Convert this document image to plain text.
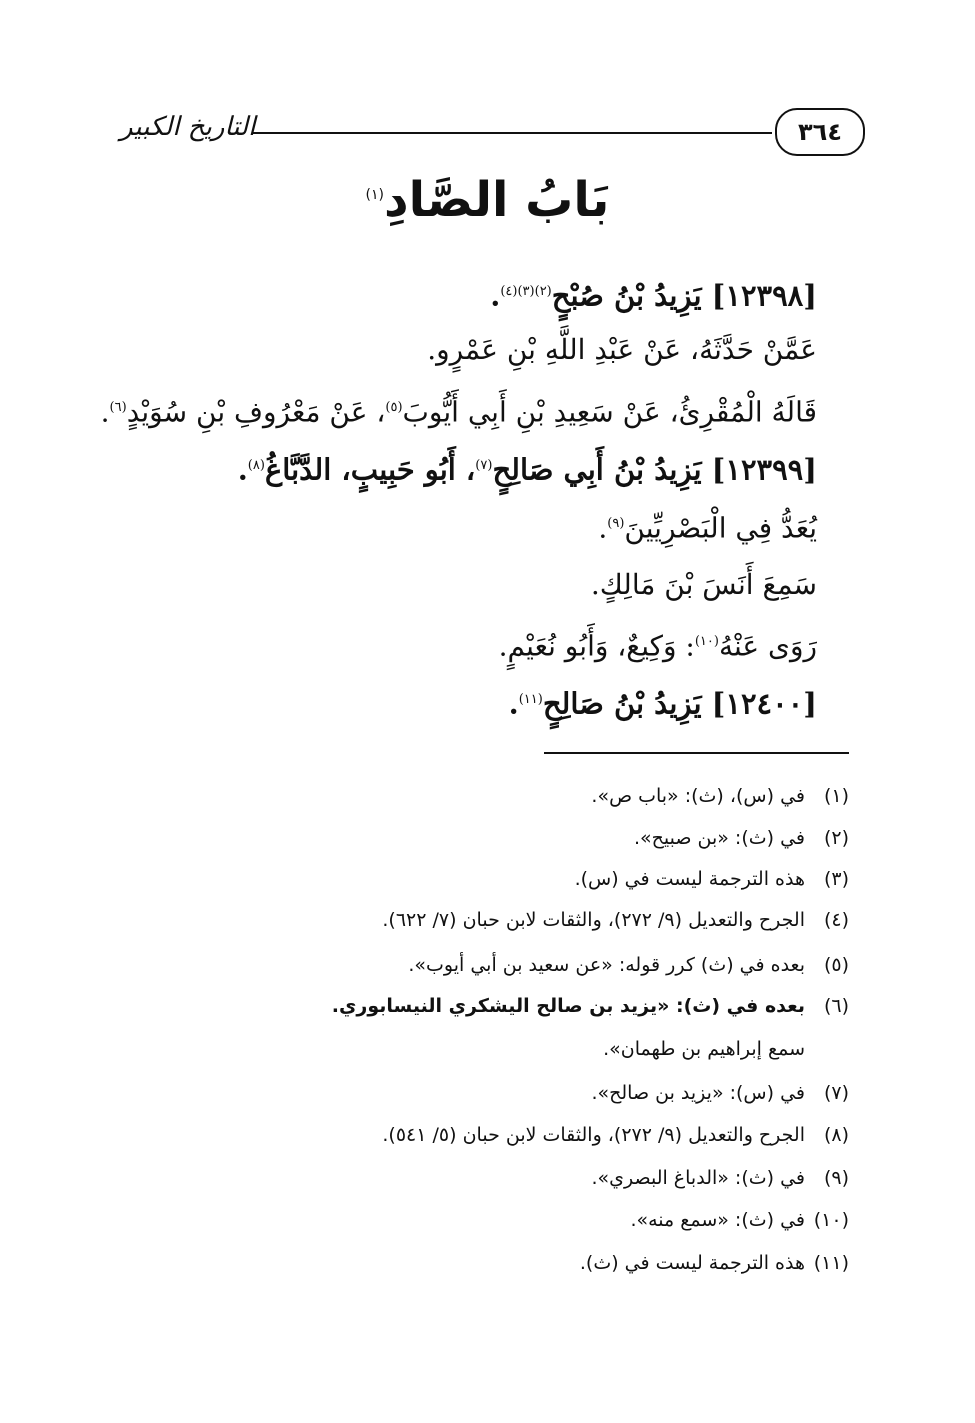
التاريخ الكبير	٣٦٤
بَابُ الصَّادِ$^{(١)}$
[١٢٣٩٨] يَزِيدُ بْنُ صُبْحٍ$^{(٢)(٣)(٤)}$.
عَمَّنْ حَدَّثَهُ، عَنْ عَبْدِ اللَّهِ بْنِ عَمْرٍو.
قَالَهُ الْمُقْرِئُ، عَنْ سَعِيدِ بْنِ أَبِي أَيُّوبَ$^{(٥)}$، عَنْ مَعْرُوفِ بْنِ سُوَيْدٍ$^{(٦)}$.
[١٢٣٩٩] يَزِيدُ بْنُ أَبِي صَالِحٍ$^{(٧)}$، أَبُو حَبِيبٍ، الدَّبَّاغُ$^{(٨)}$.
يُعَدُّ فِي الْبَصْرِيِّينَ$^{(٩)}$.
سَمِعَ أَنَسَ بْنَ مَالِكٍ.
رَوَى عَنْهُ$^{(١٠)}$: وَكِيعٌ، وَأَبُو نُعَيْمٍ.
[١٢٤٠٠] يَزِيدُ بْنُ صَالِحٍ$^{(١١)}$.
(١)في (س)، (ث): «باب ص».
(٢)في (ث): «بن صبيح».
(٣)هذه الترجمة ليست في (س).
(٤)الجرح والتعديل (٩/ ٢٧٢)، والثقات لابن حبان (٧/ ٦٢٢).
(٥)بعده في (ث) كرر قوله: «عن سعيد بن أبي أيوب».
(٦)بعده في (ث): «يزيد بن صالح اليشكري النيسابوري.
سمع إبراهيم بن طهمان».
(٧)في (س): «يزيد بن صالح».
(٨)الجرح والتعديل (٩/ ٢٧٢)، والثقات لابن حبان (٥/ ٥٤١).
(٩)في (ث): «الدباغ البصري».
(١٠)في (ث): «سمع منه».
(١١)هذه الترجمة ليست في (ث).
